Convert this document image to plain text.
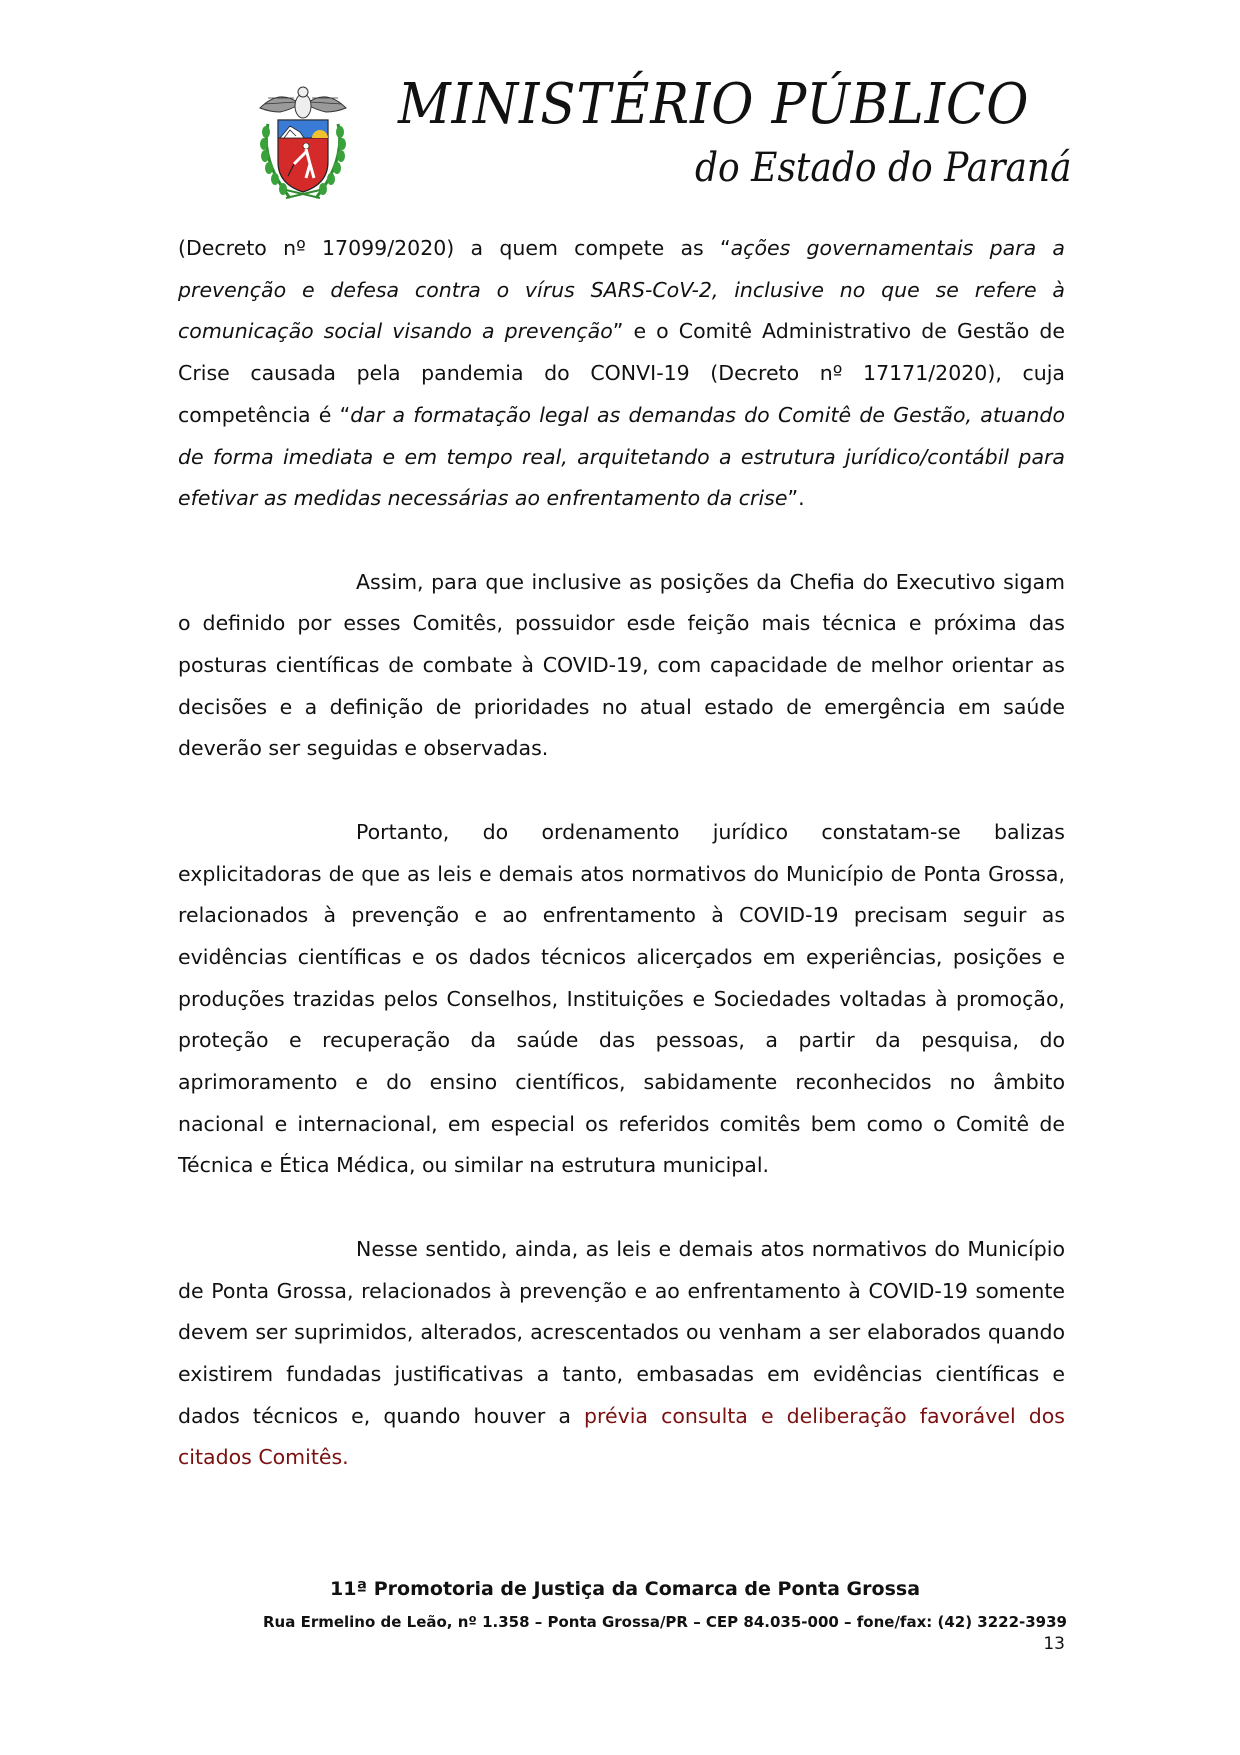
MINISTÉRIO PÚBLICO
do Estado do Paraná

(Decreto nº 17099/2020) a quem compete as “ações governamentais para a prevenção e defesa contra o vírus SARS-CoV-2, inclusive no que se refere à comunicação social visando a prevenção” e o Comitê Administrativo de Gestão de Crise causada pela pandemia do CONVI-19 (Decreto nº 17171/2020), cuja competência é “dar a formatação legal as demandas do Comitê de Gestão, atuando de forma imediata e em tempo real, arquitetando a estrutura jurídico/contábil para efetivar as medidas necessárias ao enfrentamento da crise”.

Assim, para que inclusive as posições da Chefia do Executivo sigam o definido por esses Comitês, possuidor esde feição mais técnica e próxima das posturas científicas de combate à COVID-19, com capacidade de melhor orientar as decisões e a definição de prioridades no atual estado de emergência em saúde deverão ser seguidas e observadas.

Portanto, do ordenamento jurídico constatam-se balizas explicitadoras de que as leis e demais atos normativos do Município de Ponta Grossa, relacionados à prevenção e ao enfrentamento à COVID-19 precisam seguir as evidências científicas e os dados técnicos alicerçados em experiências, posições e produções trazidas pelos Conselhos, Instituições e Sociedades voltadas à promoção, proteção e recuperação da saúde das pessoas, a partir da pesquisa, do aprimoramento e do ensino científicos, sabidamente reconhecidos no âmbito nacional e internacional, em especial os referidos comitês bem como o Comitê de Técnica e Ética Médica, ou similar na estrutura municipal.

Nesse sentido, ainda, as leis e demais atos normativos do Município de Ponta Grossa, relacionados à prevenção e ao enfrentamento à COVID-19 somente devem ser suprimidos, alterados, acrescentados ou venham a ser elaborados quando existirem fundadas justificativas a tanto, embasadas em evidências científicas e dados técnicos e, quando houver a prévia consulta e deliberação favorável dos citados Comitês.

11ª Promotoria de Justiça da Comarca de Ponta Grossa
Rua Ermelino de Leão, nº 1.358 – Ponta Grossa/PR – CEP 84.035-000 – fone/fax: (42) 3222-3939
13
